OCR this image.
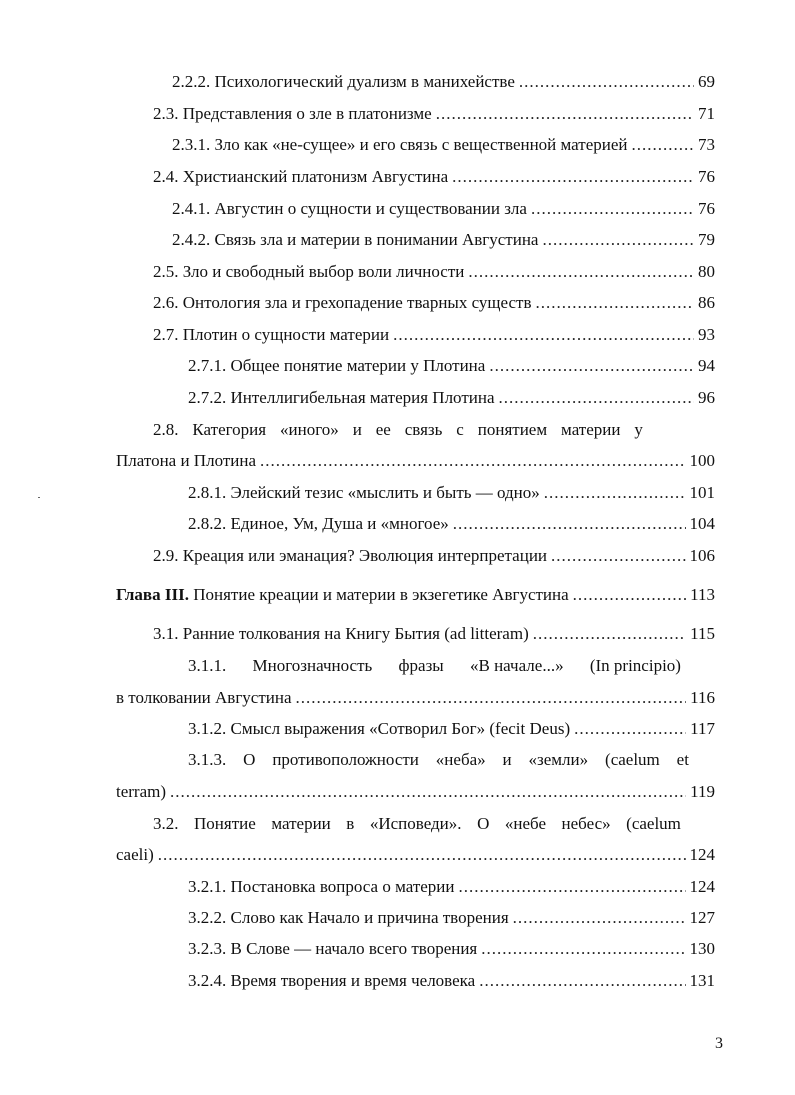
2.2.2. Психологический дуализм в манихействе .....	69
2.3. Представления о зле в платонизме .....	71
2.3.1. Зло как «не-сущее» и его связь с вещественной материей .....	73
2.4. Христианский платонизм Августина .....	76
2.4.1. Августин о сущности и существовании зла .....	76
2.4.2. Связь зла и материи в понимании Августина .....	79
2.5. Зло и свободный выбор воли личности .....	80
2.6. Онтология зла и грехопадение тварных существ .....	86
2.7. Плотин о сущности материи .....	93
2.7.1. Общее понятие материи у Плотина .....	94
2.7.2. Интеллигибельная материя Плотина .....	96
2.8. Категория «иного» и ее связь с понятием материи у
Платона и Плотина .....	100
2.8.1. Элейский тезис «мыслить и быть — одно» .....	101
2.8.2. Единое, Ум, Душа и «многое» .....	104
2.9. Креация или эманация? Эволюция интерпретации .....	106
Глава III. Понятие креации и материи в экзегетике Августина .....	113
3.1. Ранние толкования на Книгу Бытия (ad litteram) .....	115
3.1.1. Многозначность фразы «В начале...» (In principio)
в толковании Августина .....	116
3.1.2. Смысл выражения «Сотворил Бог» (fecit Deus) .....	117
3.1.3. О противоположности «неба» и «земли» (caelum et
terram) .....	119
3.2. Понятие материи в «Исповеди». О «небе небес» (caelum
caeli) .....	124
3.2.1. Постановка вопроса о материи .....	124
3.2.2. Слово как Начало и причина творения .....	127
3.2.3. В Слове — начало всего творения .....	130
3.2.4. Время творения и время человека .....	131
3
